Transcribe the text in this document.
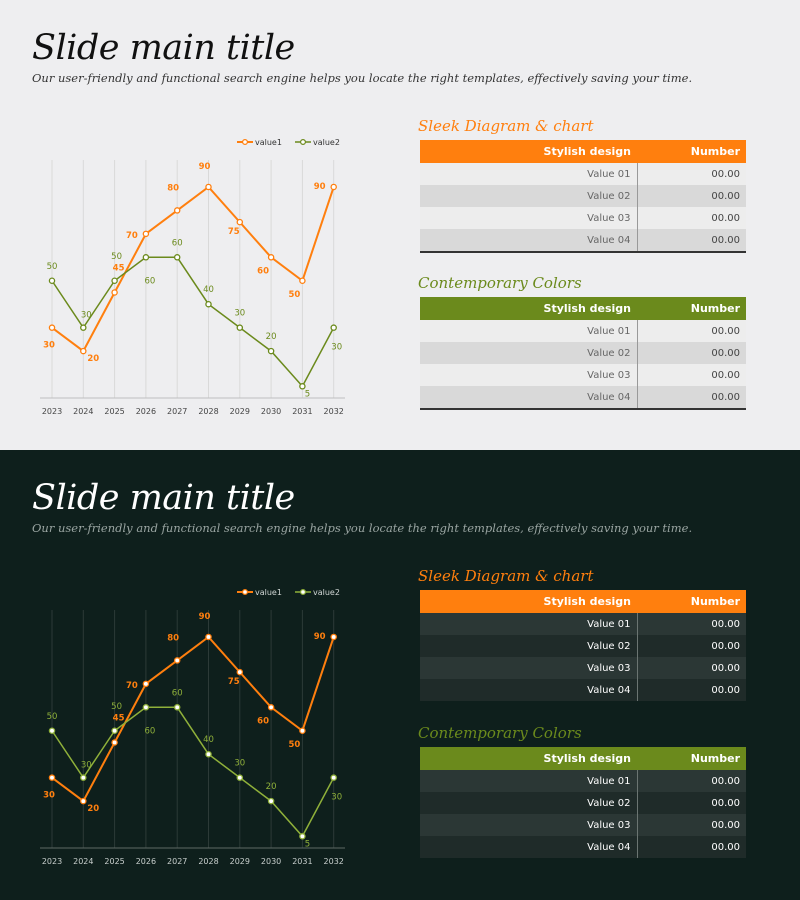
Slide main title
Our user-friendly and functional search engine helps you locate the right templates, effectively saving your time.
2023 2024 2025 2026 2027 2028 2029 2030 2031 2032
30
20
45
70
80
90
75
60
50
90
50
30
50
60
60
40
30
20
5
30
value1	value2
Sleek Diagram & chart
Stylish design	Number
Value 01	00.00
Value 02	00.00
Value 03	00.00
Value 04	00.00
Contemporary Colors
Stylish design	Number
Value 01	00.00
Value 02	00.00
Value 03	00.00
Value 04	00.00
Slide main title
Our user-friendly and functional search engine helps you locate the right templates, effectively saving your time.
2023 2024 2025 2026 2027 2028 2029 2030 2031 2032
30
20
45
70
80
90
75
60
50
90
50
30
50
60
60
40
30
20
5
30
value1	value2
Sleek Diagram & chart
Stylish design	Number
Value 01	00.00
Value 02	00.00
Value 03	00.00
Value 04	00.00
Contemporary Colors
Stylish design	Number
Value 01	00.00
Value 02	00.00
Value 03	00.00
Value 04	00.00
